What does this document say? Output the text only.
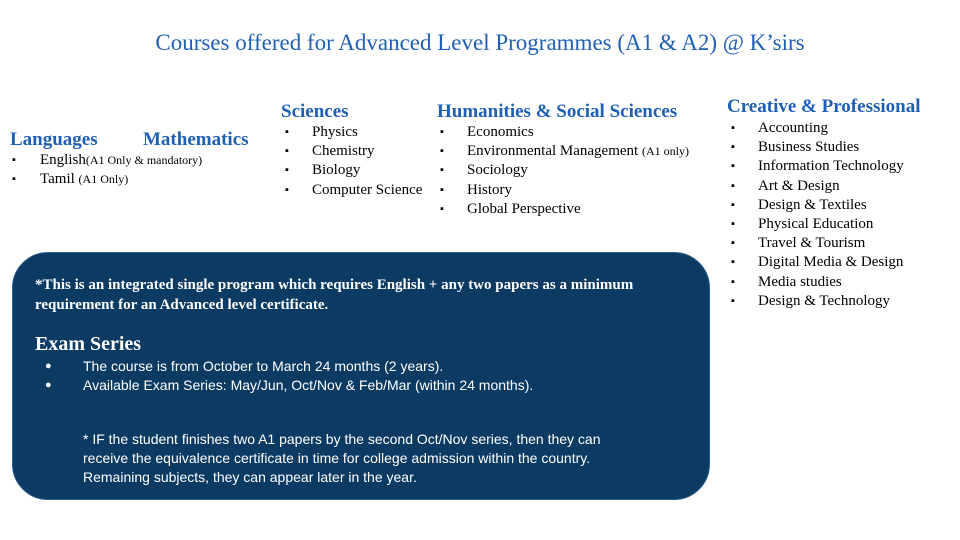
Courses offered for Advanced Level Programmes (A1 & A2) @ K’sirs
Languages
▪ English(A1 Only & mandatory)
▪ Tamil (A1 Only)
Mathematics
Sciences
▪ Physics
▪ Chemistry
▪ Biology
▪ Computer Science
Humanities & Social Sciences
▪ Economics
▪ Environmental Management (A1 only)
▪ Sociology
▪ History
▪ Global Perspective
Creative & Professional
▪ Accounting
▪ Business Studies
▪ Information Technology
▪ Art & Design
▪ Design & Textiles
▪ Physical Education
▪ Travel & Tourism
▪ Digital Media & Design
▪ Media studies
▪ Design & Technology
*This is an integrated single program which requires English + any two papers as a minimum requirement for an Advanced level certificate.
Exam Series
● The course is from October to March 24 months (2 years).
● Available Exam Series: May/Jun, Oct/Nov & Feb/Mar (within 24 months).
* IF the student finishes two A1 papers by the second Oct/Nov series, then they can
receive the equivalence certificate in time for college admission within the country.
Remaining subjects, they can appear later in the year.
